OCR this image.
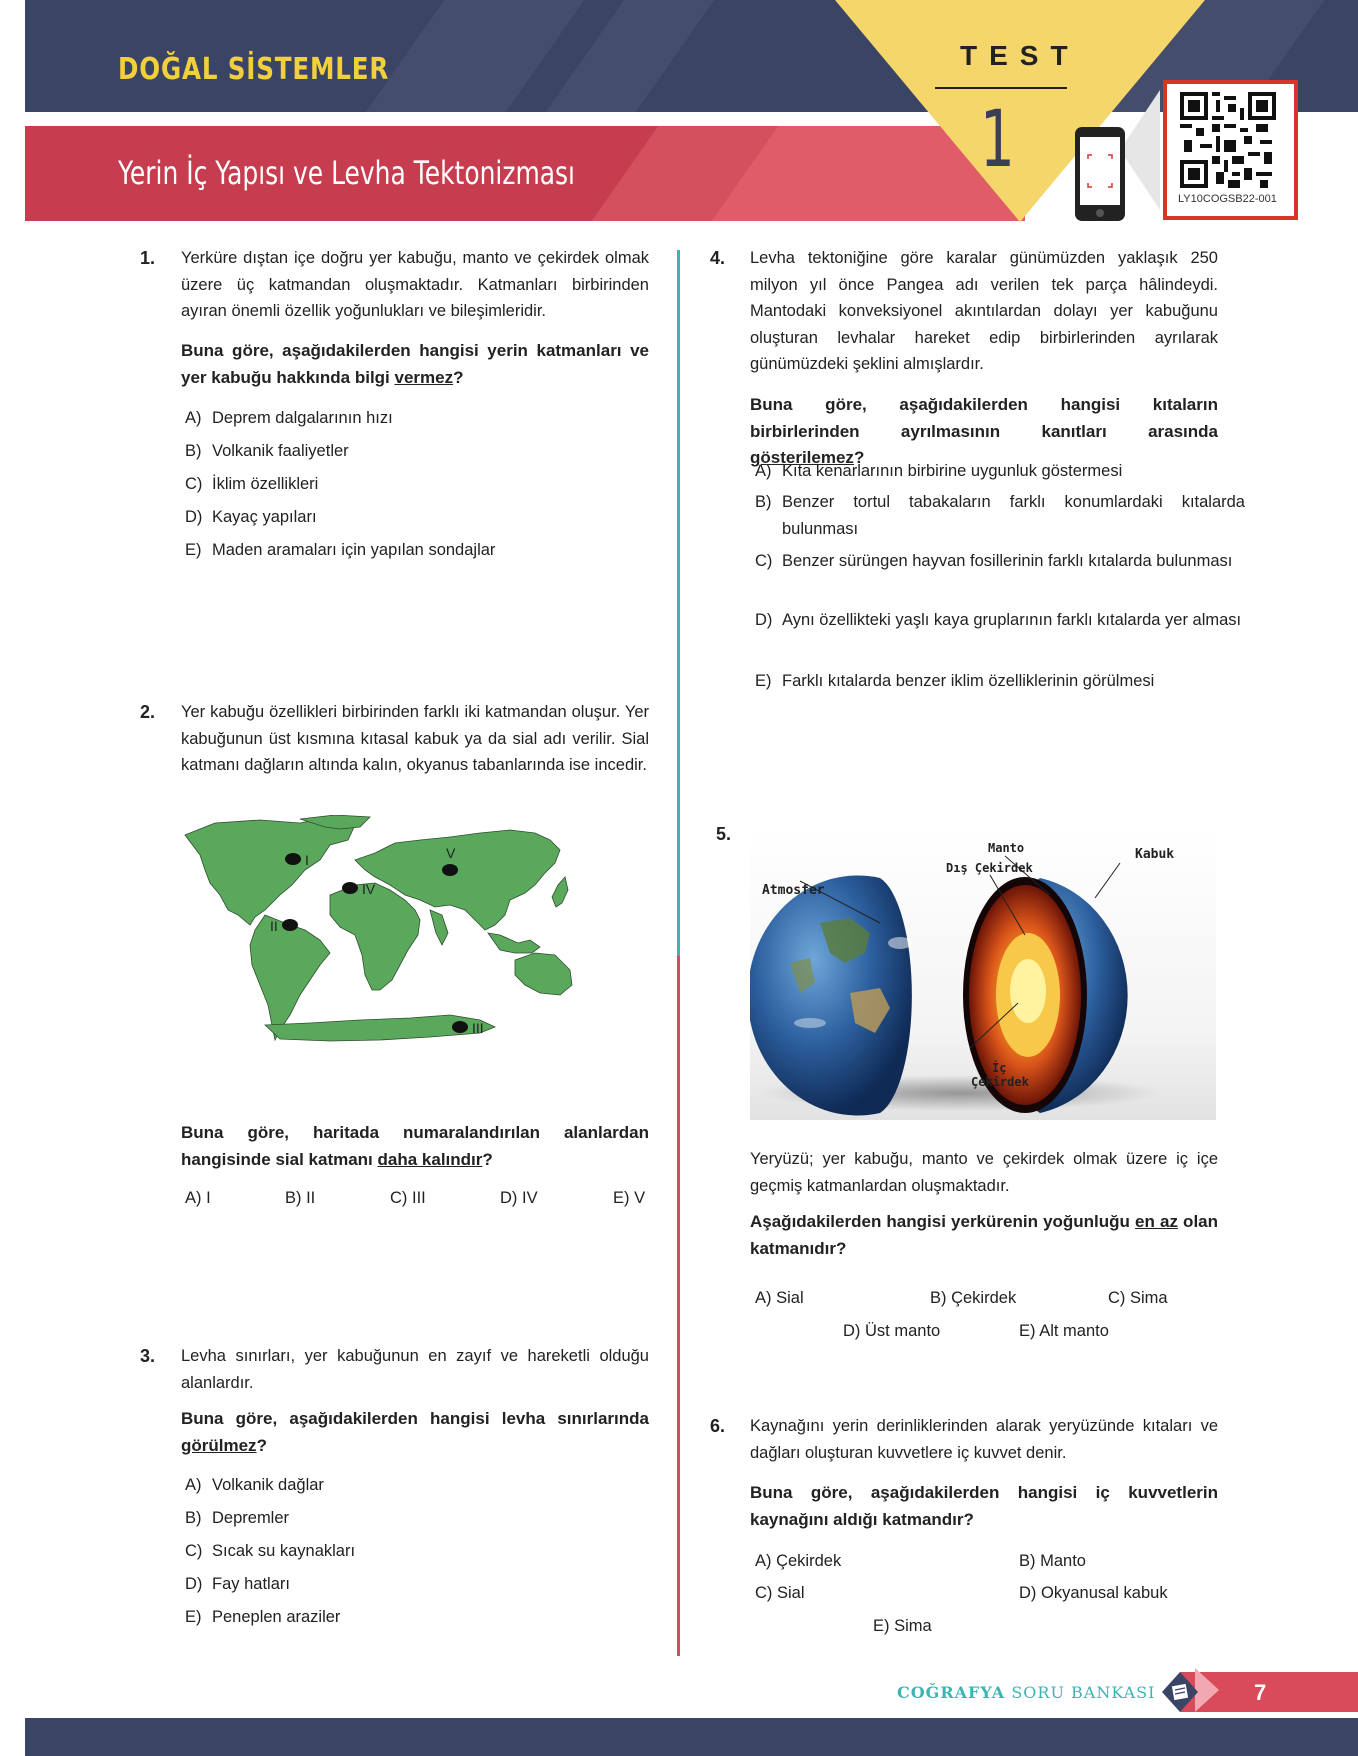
DOĞAL SİSTEMLER
Yerin İç Yapısı ve Levha Tektonizması
TEST
1
LY10COGSB22-001
1. Yerküre dıştan içe doğru yer kabuğu, manto ve çekirdek olmak üzere üç katmandan oluşmaktadır. Katmanları birbirinden ayıran önemli özellik yoğunlukları ve bileşimleridir.
Buna göre, aşağıdakilerden hangisi yerin katmanları ve yer kabuğu hakkında bilgi vermez?
A) Deprem dalgalarının hızı
B) Volkanik faaliyetler
C) İklim özellikleri
D) Kayaç yapıları
E) Maden aramaları için yapılan sondajlar
2. Yer kabuğu özellikleri birbirinden farklı iki katmandan oluşur. Yer kabuğunun üst kısmına kıtasal kabuk ya da sial adı verilir. Sial katmanı dağların altında kalın, okyanus tabanlarında ise incedir.
I
II
III
IV
V
Buna göre, haritada numaralandırılan alanlardan hangisinde sial katmanı daha kalındır?
A) I	B) II	C) III	D) IV	E) V
3. Levha sınırları, yer kabuğunun en zayıf ve hareketli olduğu alanlardır.
Buna göre, aşağıdakilerden hangisi levha sınırlarında görülmez?
A) Volkanik dağlar
B) Depremler
C) Sıcak su kaynakları
D) Fay hatları
E) Peneplen araziler
4. Levha tektoniğine göre karalar günümüzden yaklaşık 250 milyon yıl önce Pangea adı verilen tek parça hâlindeydi. Mantodaki konveksiyonel akıntılardan dolayı yer kabuğunu oluşturan levhalar hareket edip birbirlerinden ayrılarak günümüzdeki şeklini almışlardır.
Buna göre, aşağıdakilerden hangisi kıtaların birbirlerinden ayrılmasının kanıtları arasında gösterilemez?
A) Kıta kenarlarının birbirine uygunluk göstermesi
B) Benzer tortul tabakaların farklı konumlardaki kıtalarda bulunması
C) Benzer sürüngen hayvan fosillerinin farklı kıtalarda bulunması
D) Aynı özellikteki yaşlı kaya gruplarının farklı kıtalarda yer alması
E) Farklı kıtalarda benzer iklim özelliklerinin görülmesi
5.
Atmosfer
Manto
Dış Çekirdek
Kabuk
İç
Çekirdek
Yeryüzü; yer kabuğu, manto ve çekirdek olmak üzere iç içe geçmiş katmanlardan oluşmaktadır.
Aşağıdakilerden hangisi yerkürenin yoğunluğu en az olan katmanıdır?
A) Sial	B) Çekirdek	C) Sima
D) Üst manto	E) Alt manto
6. Kaynağını yerin derinliklerinden alarak yeryüzünde kıtaları ve dağları oluşturan kuvvetlere iç kuvvet denir.
Buna göre, aşağıdakilerden hangisi iç kuvvetlerin kaynağını aldığı katmandır?
A) Çekirdek	B) Manto
C) Sial	D) Okyanusal kabuk
E) Sima
COĞRAFYA SORU BANKASI	7
